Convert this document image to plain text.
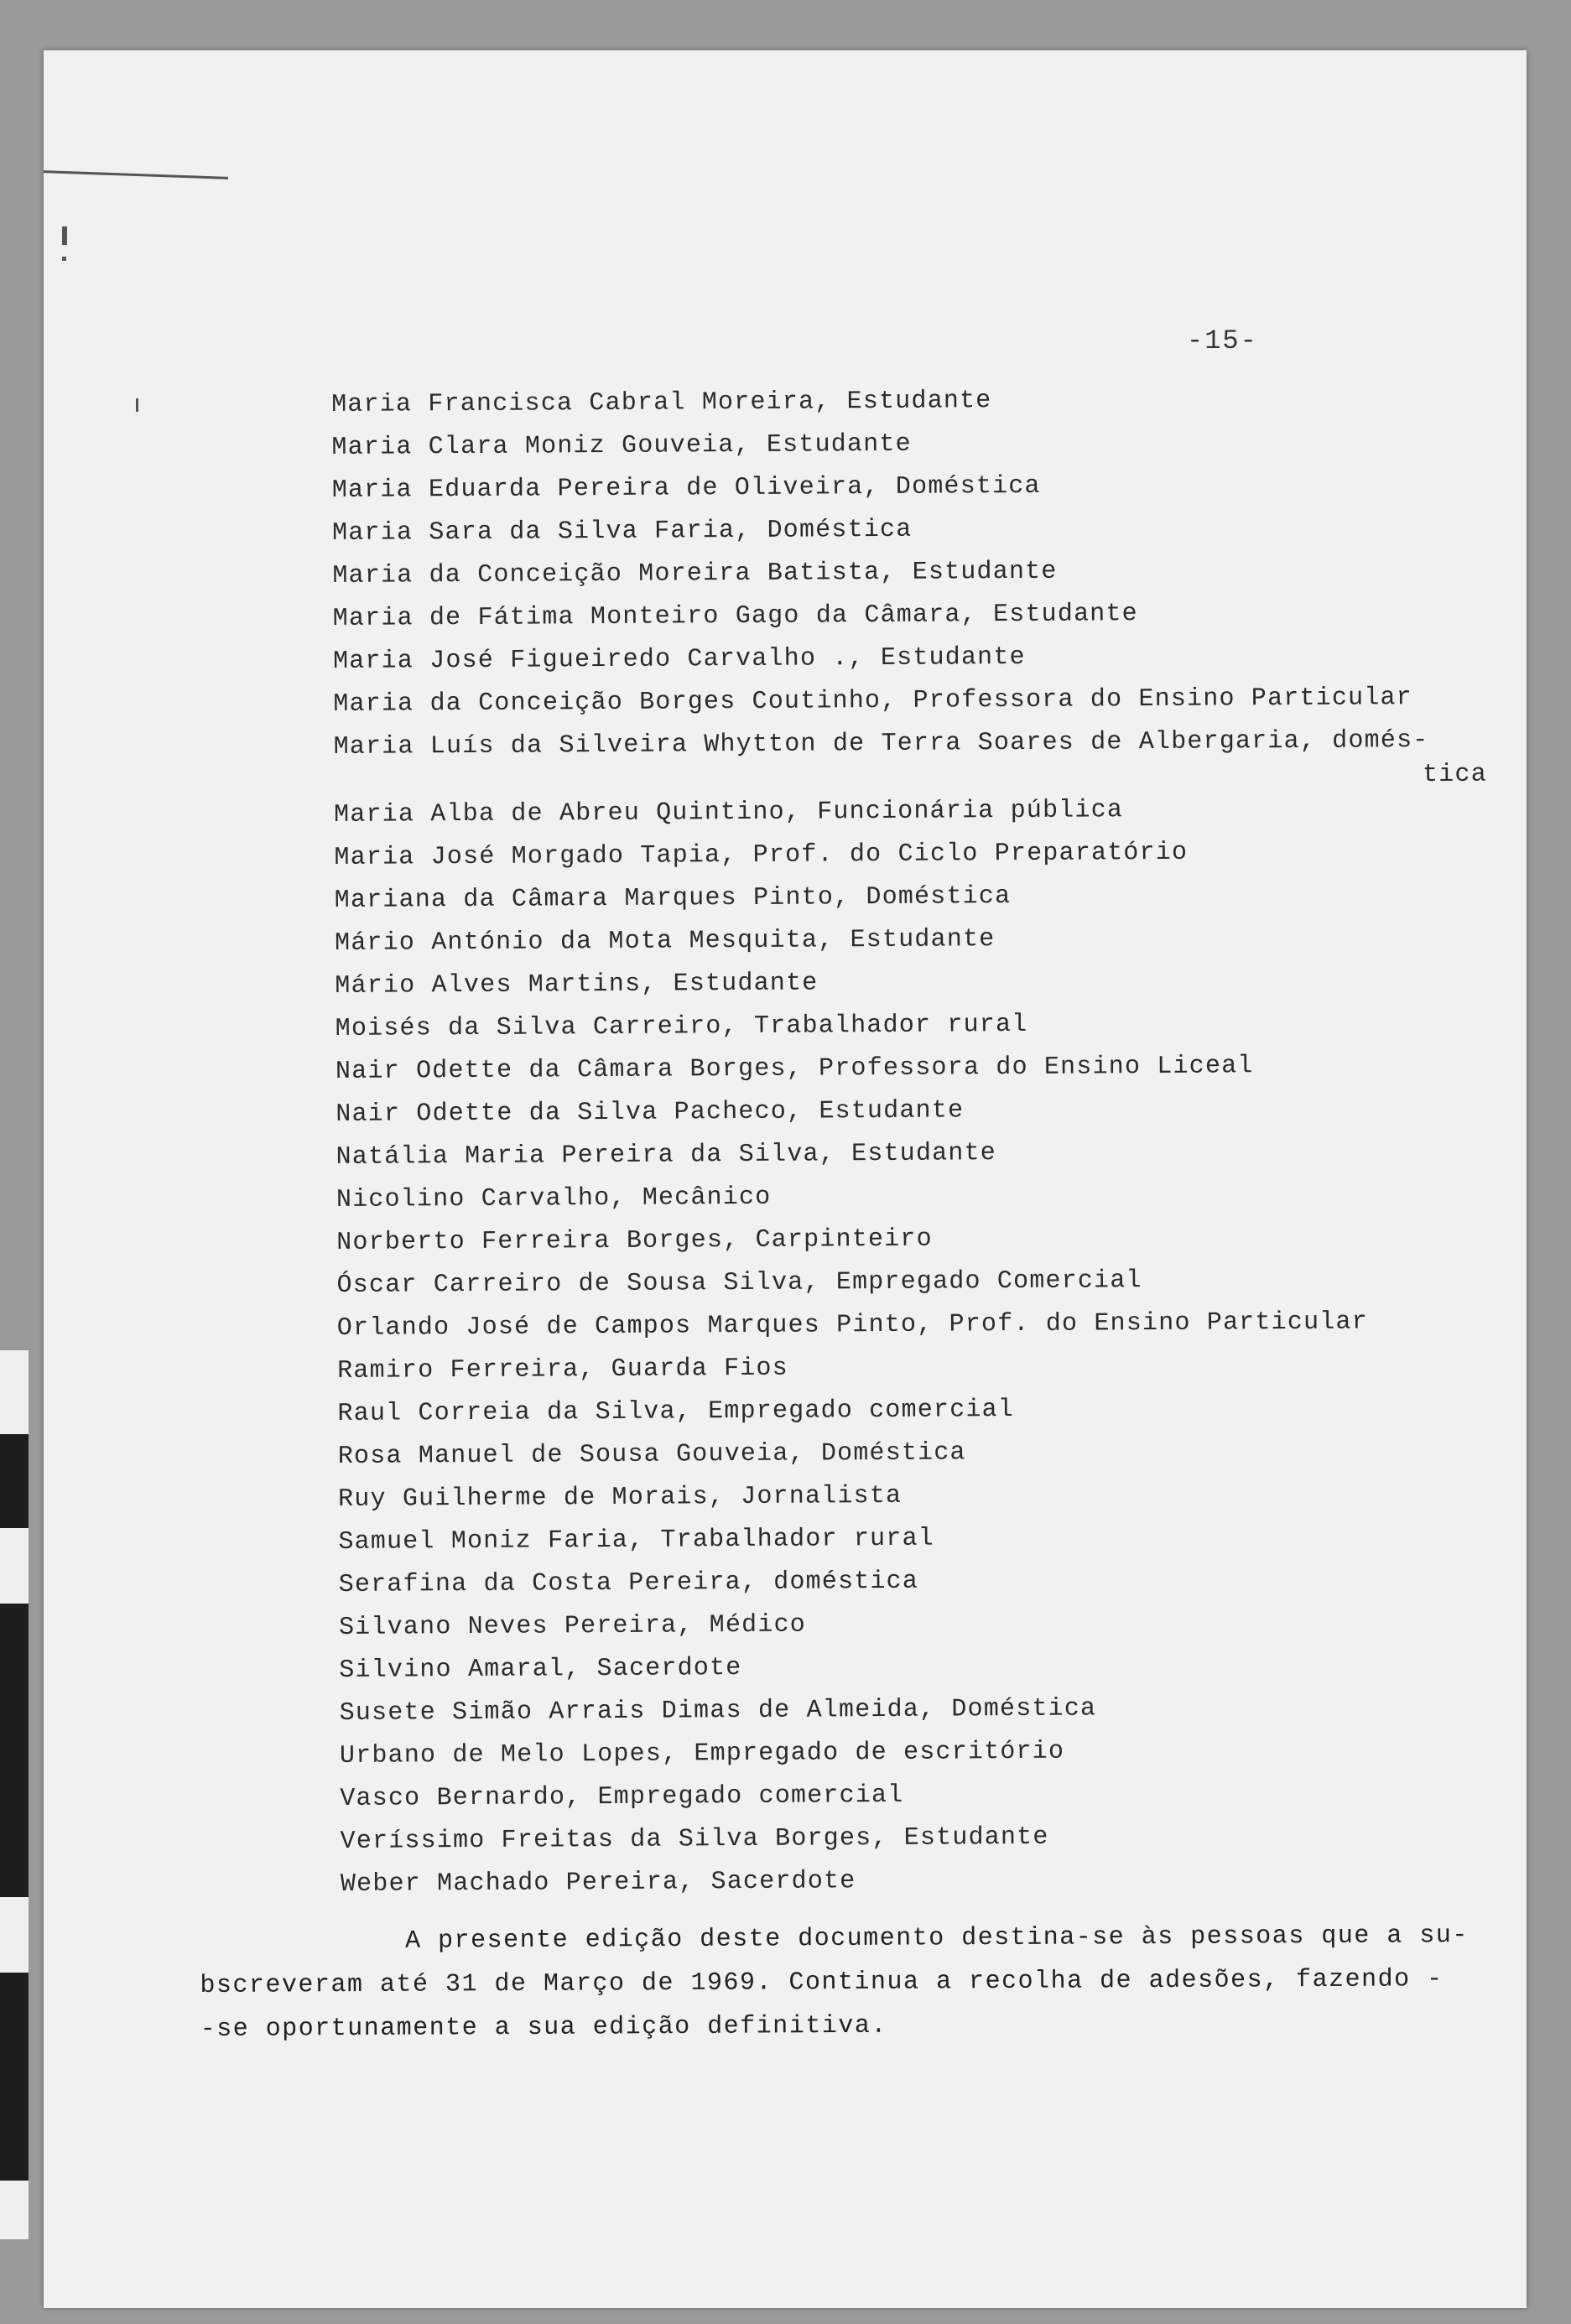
-15-
Maria Francisca Cabral Moreira, Estudante
Maria Clara Moniz Gouveia, Estudante
Maria Eduarda Pereira de Oliveira, Doméstica
Maria Sara da Silva Faria, Doméstica
Maria da Conceição Moreira Batista, Estudante
Maria de Fátima Monteiro Gago da Câmara, Estudante
Maria José Figueiredo Carvalho ., Estudante
Maria da Conceição Borges Coutinho, Professora do Ensino Particular
Maria Luís da Silveira Whytton de Terra Soares de Albergaria, domés-
tica
Maria Alba de Abreu Quintino, Funcionária pública
Maria José Morgado Tapia, Prof. do Ciclo Preparatório
Mariana da Câmara Marques Pinto, Doméstica
Mário António da Mota Mesquita, Estudante
Mário Alves Martins, Estudante
Moisés da Silva Carreiro, Trabalhador rural
Nair Odette da Câmara Borges, Professora do Ensino Liceal
Nair Odette da Silva Pacheco, Estudante
Natália Maria Pereira da Silva, Estudante
Nicolino Carvalho, Mecânico
Norberto Ferreira Borges, Carpinteiro
Óscar Carreiro de Sousa Silva, Empregado Comercial
Orlando José de Campos Marques Pinto, Prof. do Ensino Particular
Ramiro Ferreira, Guarda Fios
Raul Correia da Silva, Empregado comercial
Rosa Manuel de Sousa Gouveia, Doméstica
Ruy Guilherme de Morais, Jornalista
Samuel Moniz Faria, Trabalhador rural
Serafina da Costa Pereira, doméstica
Silvano Neves Pereira, Médico
Silvino Amaral, Sacerdote
Susete Simão Arrais Dimas de Almeida, Doméstica
Urbano de Melo Lopes, Empregado de escritório
Vasco Bernardo, Empregado comercial
Veríssimo Freitas da Silva Borges, Estudante
Weber Machado Pereira, Sacerdote
A presente edição deste documento destina-se às pessoas que a su-
bscreveram até 31 de Março de 1969. Continua a recolha de adesões, fazendo -
-se oportunamente a sua edição definitiva.
